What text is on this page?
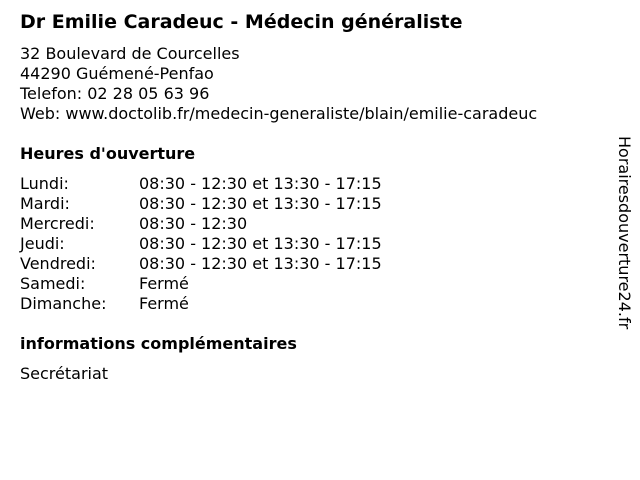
Dr Emilie Caradeuc - Médecin généraliste
32 Boulevard de Courcelles
44290 Guémené-Penfao
Telefon: 02 28 05 63 96
Web: www.doctolib.fr/medecin-generaliste/blain/emilie-caradeuc
Heures d'ouverture
Lundi:	08:30 - 12:30 et 13:30 - 17:15
Mardi:	08:30 - 12:30 et 13:30 - 17:15
Mercredi:	08:30 - 12:30
Jeudi:	08:30 - 12:30 et 13:30 - 17:15
Vendredi:	08:30 - 12:30 et 13:30 - 17:15
Samedi:	Fermé
Dimanche: Fermé
informations complémentaires
Secrétariat
Horairesdouverture24.fr
